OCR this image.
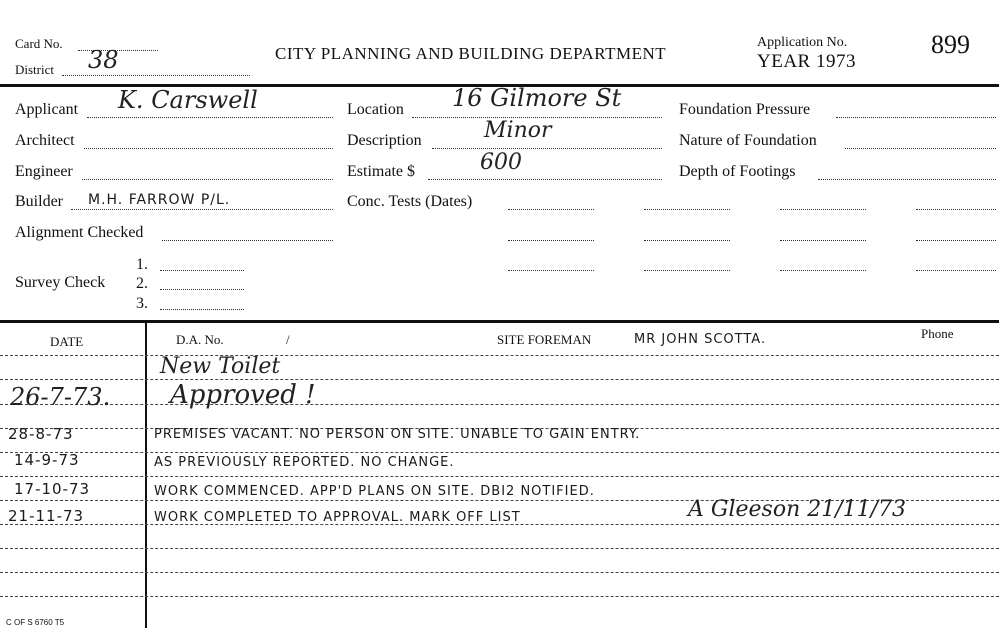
Card No.
District 38	CITY PLANNING AND BUILDING DEPARTMENT
Application No.
YEAR 1973
899
Applicant K. Carswell
Architect
Engineer
Builder M.H. FARROW P/L.
Alignment Checked
Survey Check
1.
2.
3.
Location 16 Gilmore St
Description	Minor
Estimate $	600
Conc. Tests (Dates)
Foundation Pressure
Nature of Foundation
Depth of Footings
DATE	D.A. No.	/	SITE FOREMAN	MR JOHN SCOTTA.	Phone
New Toilet
26-7-73. Approved !
28-8-73	PREMISES VACANT. NO PERSON ON SITE. UNABLE TO GAIN ENTRY.
14-9-73	AS PREVIOUSLY REPORTED. NO CHANGE.
17-10-73	WORK COMMENCED. APP'D PLANS ON SITE. DBI2 NOTIFIED.
21-11-73	WORK COMPLETED TO APPROVAL. MARK OFF LIST	A Gleeson 21/11/73
C OF S 6760 T5
